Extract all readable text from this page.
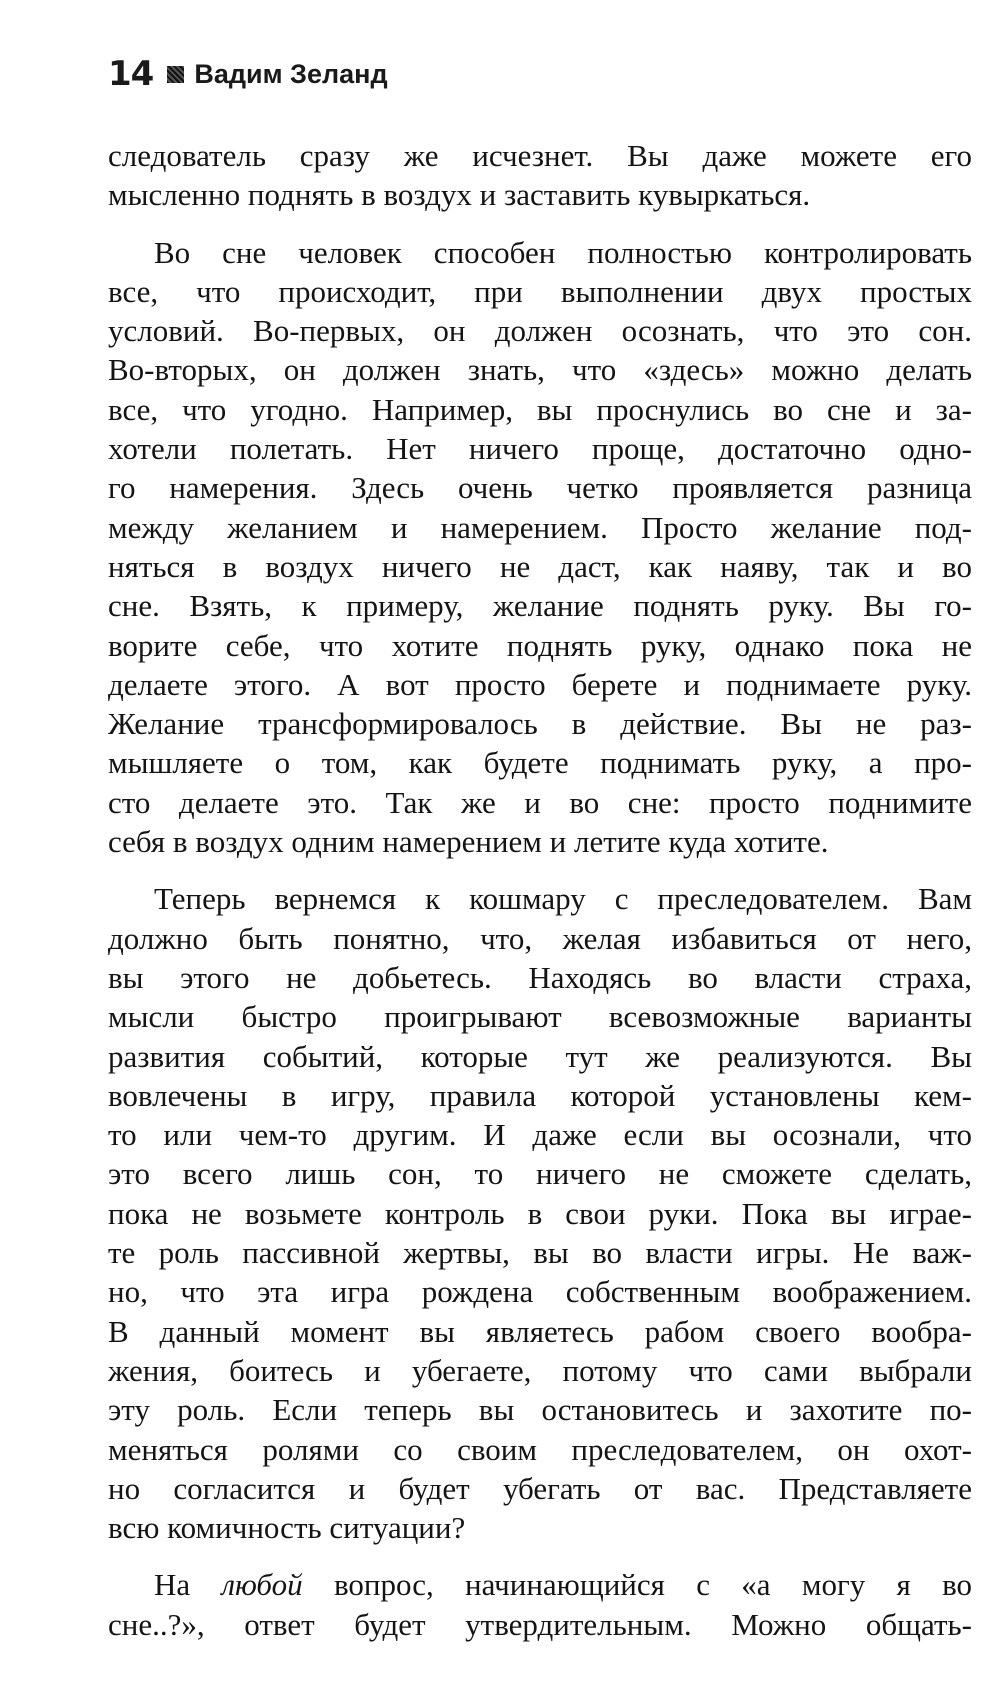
14 Вадим Зеланд
следователь сразу же исчезнет. Вы даже можете его
мысленно поднять в воздух и заставить кувыркаться.
Во сне человек способен полностью контролировать
все, что происходит, при выполнении двух простых
условий. Во-первых, он должен осознать, что это сон.
Во-вторых, он должен знать, что «здесь» можно делать
все, что угодно. Например, вы проснулись во сне и за-
хотели полетать. Нет ничего проще, достаточно одно-
го намерения. Здесь очень четко проявляется разница
между желанием и намерением. Просто желание под-
няться в воздух ничего не даст, как наяву, так и во
сне. Взять, к примеру, желание поднять руку. Вы го-
ворите себе, что хотите поднять руку, однако пока не
делаете этого. А вот просто берете и поднимаете руку.
Желание трансформировалось в действие. Вы не раз-
мышляете о том, как будете поднимать руку, а про-
сто делаете это. Так же и во сне: просто поднимите
себя в воздух одним намерением и летите куда хотите.
Теперь вернемся к кошмару с преследователем. Вам
должно быть понятно, что, желая избавиться от него,
вы этого не добьетесь. Находясь во власти страха,
мысли быстро проигрывают всевозможные варианты
развития событий, которые тут же реализуются. Вы
вовлечены в игру, правила которой установлены кем-
то или чем-то другим. И даже если вы осознали, что
это всего лишь сон, то ничего не сможете сделать,
пока не возьмете контроль в свои руки. Пока вы играе-
те роль пассивной жертвы, вы во власти игры. Не важ-
но, что эта игра рождена собственным воображением.
В данный момент вы являетесь рабом своего вообра-
жения, боитесь и убегаете, потому что сами выбрали
эту роль. Если теперь вы остановитесь и захотите по-
меняться ролями со своим преследователем, он охот-
но согласится и будет убегать от вас. Представляете
всю комичность ситуации?
На любой вопрос, начинающийся с «а могу я во
сне..?», ответ будет утвердительным. Можно общать-
